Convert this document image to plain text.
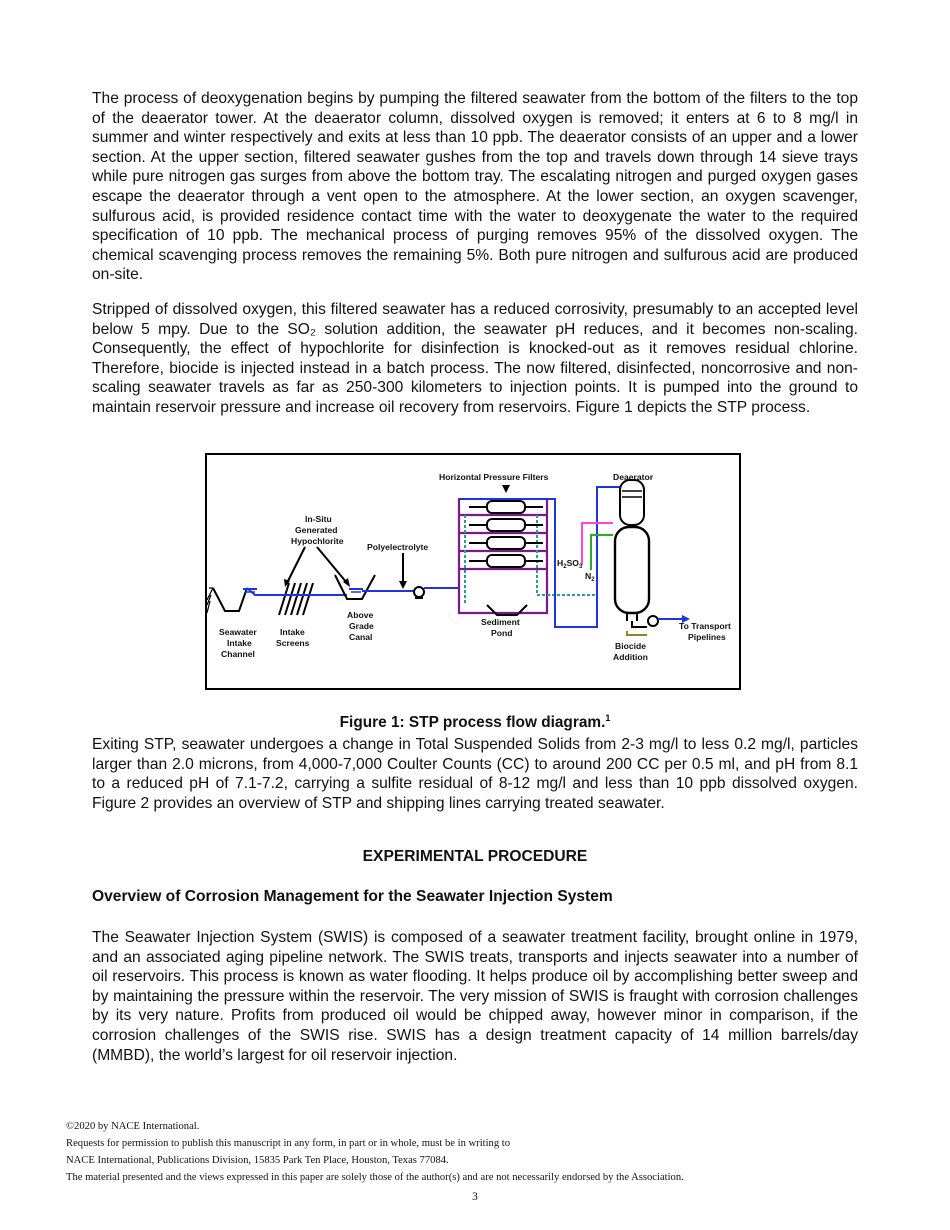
The process of deoxygenation begins by pumping the filtered seawater from the bottom of the filters to the top of the deaerator tower. At the deaerator column, dissolved oxygen is removed; it enters at 6 to 8 mg/l in summer and winter respectively and exits at less than 10 ppb. The deaerator consists of an upper and a lower section. At the upper section, filtered seawater gushes from the top and travels down through 14 sieve trays while pure nitrogen gas surges from above the bottom tray. The escalating nitrogen and purged oxygen gases escape the deaerator through a vent open to the atmosphere. At the lower section, an oxygen scavenger, sulfurous acid, is provided residence contact time with the water to deoxygenate the water to the required specification of 10 ppb. The mechanical process of purging removes 95% of the dissolved oxygen. The chemical scavenging process removes the remaining 5%. Both pure nitrogen and sulfurous acid are produced on-site.

Stripped of dissolved oxygen, this filtered seawater has a reduced corrosivity, presumably to an accepted level below 5 mpy. Due to the SO₂ solution addition, the seawater pH reduces, and it becomes non-scaling. Consequently, the effect of hypochlorite for disinfection is knocked-out as it removes residual chlorine. Therefore, biocide is injected instead in a batch process. The now filtered, disinfected, noncorrosive and non-scaling seawater travels as far as 250-300 kilometers to injection points. It is pumped into the ground to maintain reservoir pressure and increase oil recovery from reservoirs. Figure 1 depicts the STP process.

Horizontal Pressure Filters	Deaerator
In-Situ
Generated
Hypochlorite
Polyelectrolyte
$H_2SO_3$
$N_2$
Seawater
Intake
Channel
Intake
Screens
Above
Grade
Canal
Sediment
Pond
Biocide
Addition
To Transport
Pipelines
Figure 1: STP process flow diagram.$^1$

Exiting STP, seawater undergoes a change in Total Suspended Solids from 2-3 mg/l to less 0.2 mg/l, particles larger than 2.0 microns, from 4,000-7,000 Coulter Counts (CC) to around 200 CC per 0.5 ml, and pH from 8.1 to a reduced pH of 7.1-7.2, carrying a sulfite residual of 8-12 mg/l and less than 10 ppb dissolved oxygen. Figure 2 provides an overview of STP and shipping lines carrying treated seawater.

EXPERIMENTAL PROCEDURE
Overview of Corrosion Management for the Seawater Injection System

The Seawater Injection System (SWIS) is composed of a seawater treatment facility, brought online in 1979, and an associated aging pipeline network. The SWIS treats, transports and injects seawater into a number of oil reservoirs. This process is known as water flooding. It helps produce oil by accomplishing better sweep and by maintaining the pressure within the reservoir. The very mission of SWIS is fraught with corrosion challenges by its very nature. Profits from produced oil would be chipped away, however minor in comparison, if the corrosion challenges of the SWIS rise. SWIS has a design treatment capacity of 14 million barrels/day (MMBD), the world’s largest for oil reservoir injection.

©2020 by NACE International.
Requests for permission to publish this manuscript in any form, in part or in whole, must be in writing to
NACE International, Publications Division, 15835 Park Ten Place, Houston, Texas 77084.
The material presented and the views expressed in this paper are solely those of the author(s) and are not necessarily endorsed by the Association.
3
